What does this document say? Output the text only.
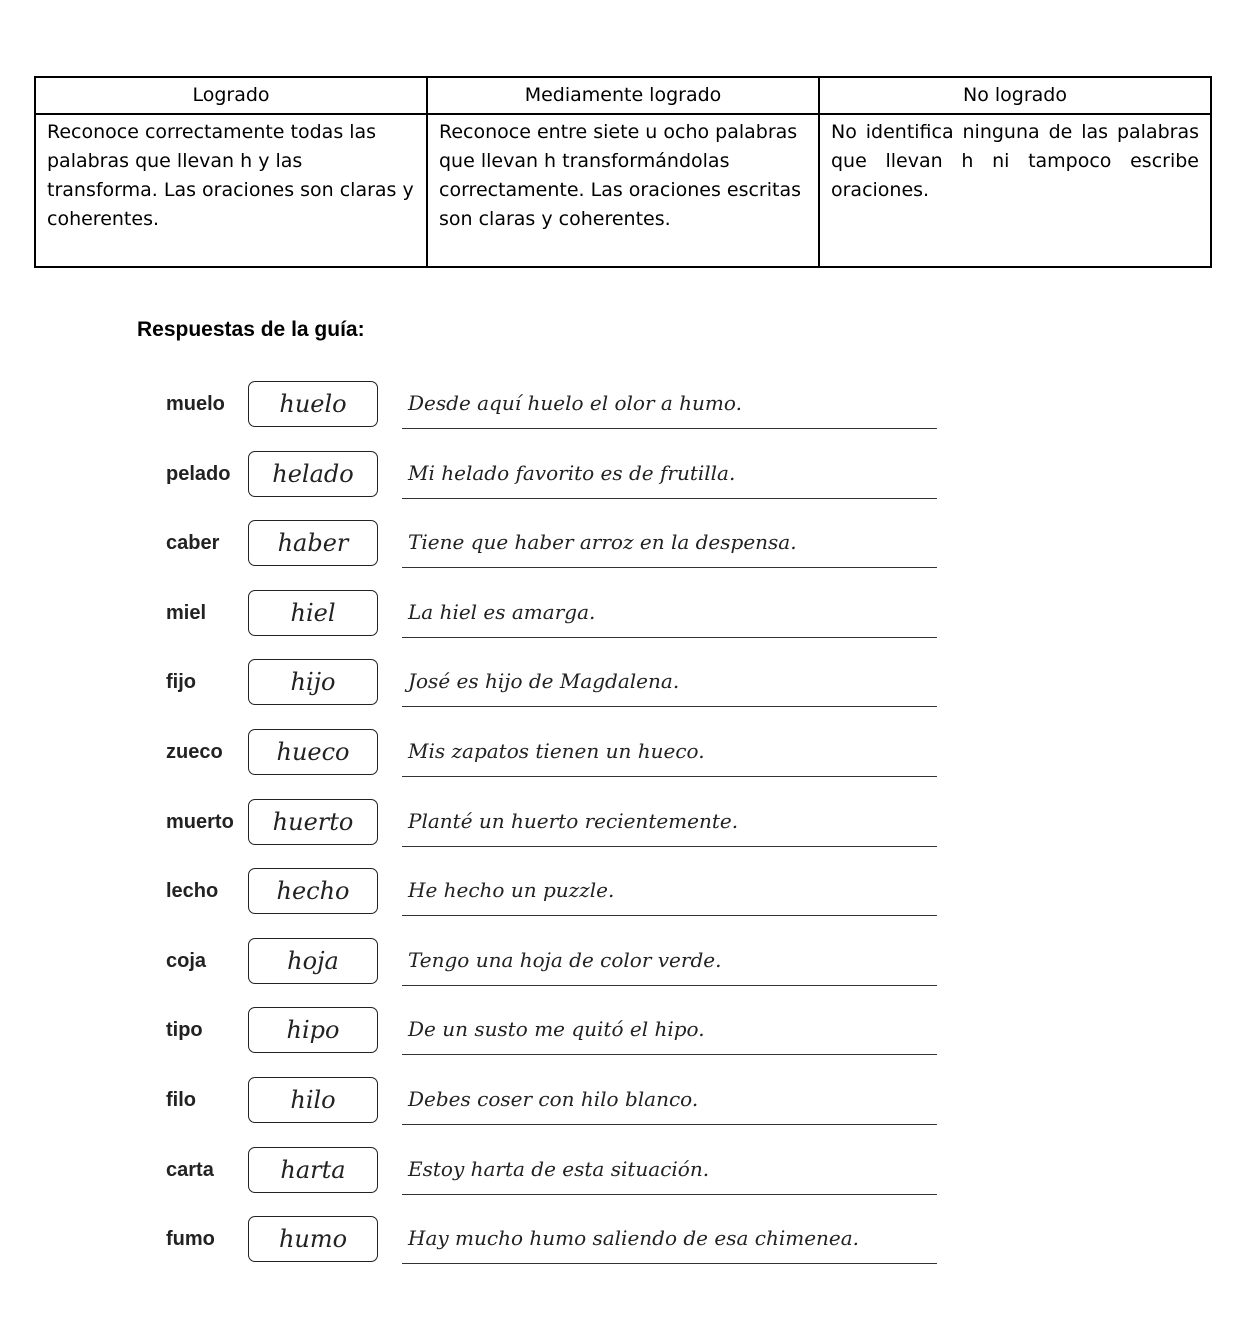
Logrado	Mediamente logrado	No logrado
Reconoce correctamente todas las palabras que llevan h y las transforma. Las oraciones son claras y coherentes.	Reconoce entre siete u ocho palabras que llevan h transformándolas correctamente. Las oraciones escritas son claras y coherentes.	No identifica ninguna de las palabras que llevan h ni tampoco escribe oraciones.
Respuestas de la guía:
muelo	huelo	Desde aquí huelo el olor a humo.
pelado	helado	Mi helado favorito es de frutilla.
caber	haber	Tiene que haber arroz en la despensa.
miel	hiel	La hiel es amarga.
fijo	hijo	José es hijo de Magdalena.
zueco	hueco	Mis zapatos tienen un hueco.
muerto	huerto	Planté un huerto recientemente.
lecho	hecho	He hecho un puzzle.
coja	hoja	Tengo una hoja de color verde.
tipo	hipo	De un susto me quitó el hipo.
filo	hilo	Debes coser con hilo blanco.
carta	harta	Estoy harta de esta situación.
fumo	humo	Hay mucho humo saliendo de esa chimenea.
